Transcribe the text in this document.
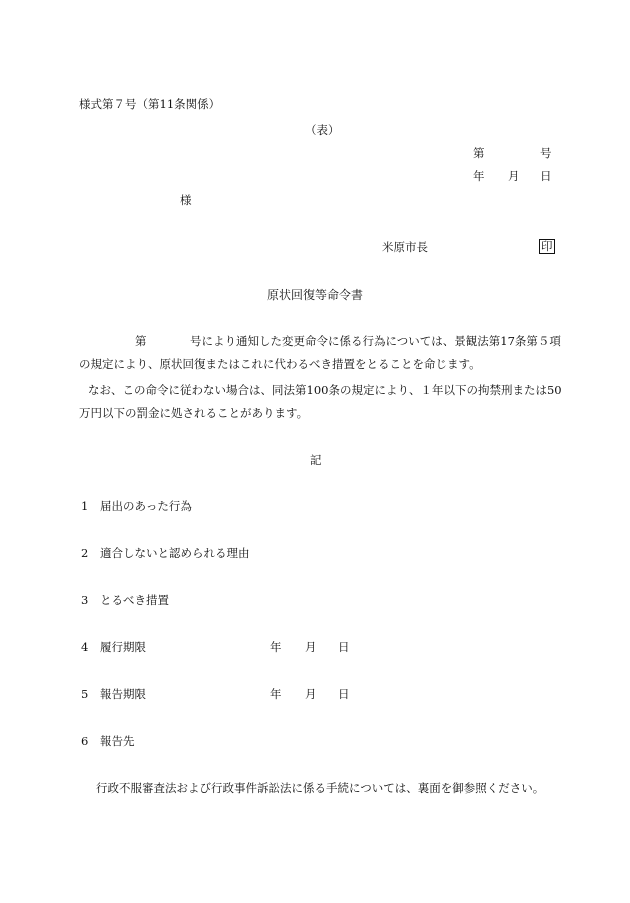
様式第７号（第11条関係）
（表）
第	号
年 月 日
様
米原市長	印
原状回復等命令書
第	号により通知した変更命令に係る行為については、景観法第17条第５項
の規定により、原状回復またはこれに代わるべき措置をとることを命じます。
なお、この命令に従わない場合は、同法第100条の規定により、１年以下の拘禁刑または50
万円以下の罰金に処されることがあります。
記
1 届出のあった行為
2 適合しないと認められる理由
3 とるべき措置
4 履行期限	年 月 日
5 報告期限	年 月 日
6 報告先
行政不服審査法および行政事件訴訟法に係る手続については、裏面を御参照ください。
